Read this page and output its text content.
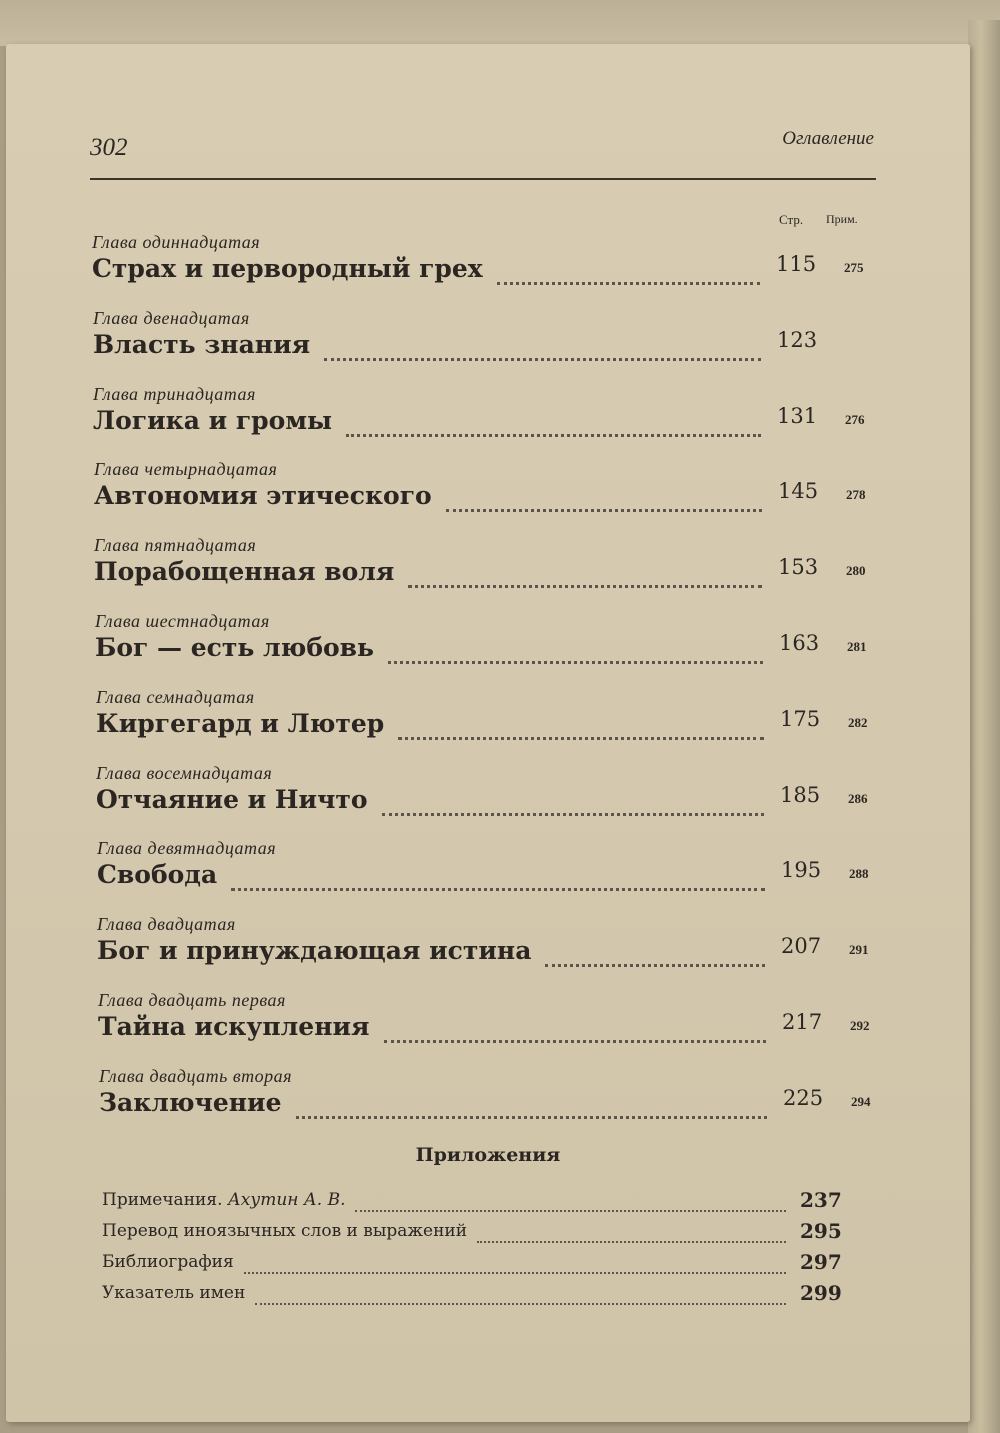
302	Оглавление
Стр. Прим.
Глава одиннадцатая
Страх и первородный грех	115 275
Глава двенадцатая
Власть знания	123
Глава тринадцатая
Логика и громы	131 276
Глава четырнадцатая
Автономия этического	145 278
Глава пятнадцатая
Порабощенная воля	153 280
Глава шестнадцатая
Бог — есть любовь	163 281
Глава семнадцатая
Киргегард и Лютер	175 282
Глава восемнадцатая
Отчаяние и Ничто	185 286
Глава девятнадцатая
Свобода	195 288
Глава двадцатая
Бог и принуждающая истина	207 291
Глава двадцать первая
Тайна искупления	217 292
Глава двадцать вторая
Заключение	225 294
Приложения
Примечания. Ахутин А. В.	237
Перевод иноязычных слов и выражений	295
Библиография	297
Указатель имен	299
